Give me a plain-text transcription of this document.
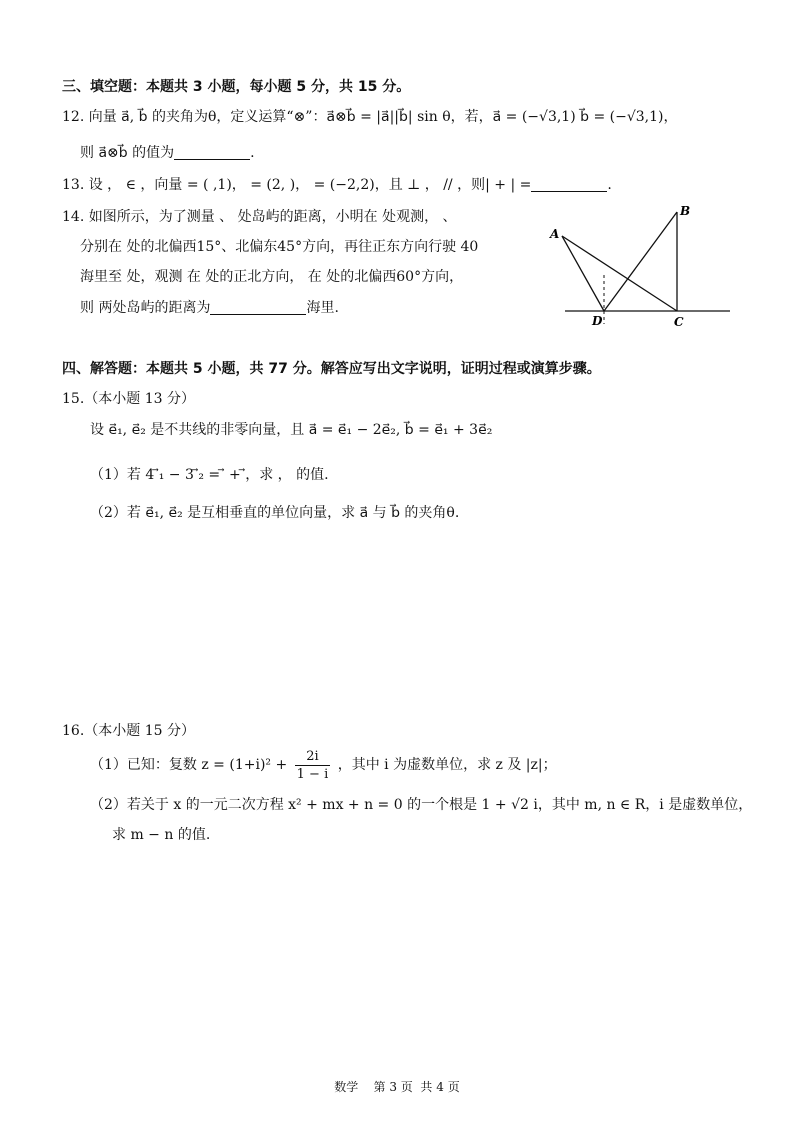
三、填空题：本题共 3 小题，每小题 5 分，共 15 分。
12. 向量 a⃗, b⃗ 的夹角为θ，定义运算“⊗”：a⃗⊗b⃗ = |a⃗||b⃗| sin θ，若，a⃗ = (−√3,1) b⃗ = (−√3,1)，
则 a⃗⊗b⃗ 的值为	.
13. 设 ， ∈ ，向量 = ( ,1)， = (2, )， = (−2,2)，且 ⊥ ， // ，则| + | =	.
14. 如图所示，为了测量 、 处岛屿的距离，小明在 处观测， 、
分别在 处的北偏西15°、北偏东45°方向，再往正东方向行驶 40
海里至 处，观测 在 处的正北方向， 在 处的北偏西60°方向，
则 两处岛屿的距离为	海里.
A
B
C
D
四、解答题：本题共 5 小题，共 77 分。解答应写出文字说明，证明过程或演算步骤。
15.（本小题 13 分）
设 e⃗₁, e⃗₂ 是不共线的非零向量，且 a⃗ = e⃗₁ − 2e⃗₂, b⃗ = e⃗₁ + 3e⃗₂
（1）若 4 ⃗₁ − 3 ⃗₂ = ⃗ + ⃗，求 ， 的值.
（2）若 e⃗₁, e⃗₂ 是互相垂直的单位向量，求 a⃗ 与 b⃗ 的夹角θ.
16.（本小题 15 分）
（1）已知：复数 $z = (1+i)^2 + \frac{2i}{1 - i}$ ，其中 i 为虚数单位，求 z 及 |z|；
（2）若关于 x 的一元二次方程 x² + mx + n = 0 的一个根是 1 + √2 i，其中 m, n ∈ R，i 是虚数单位，
求 m − n 的值.
数学    第 3 页  共 4 页
